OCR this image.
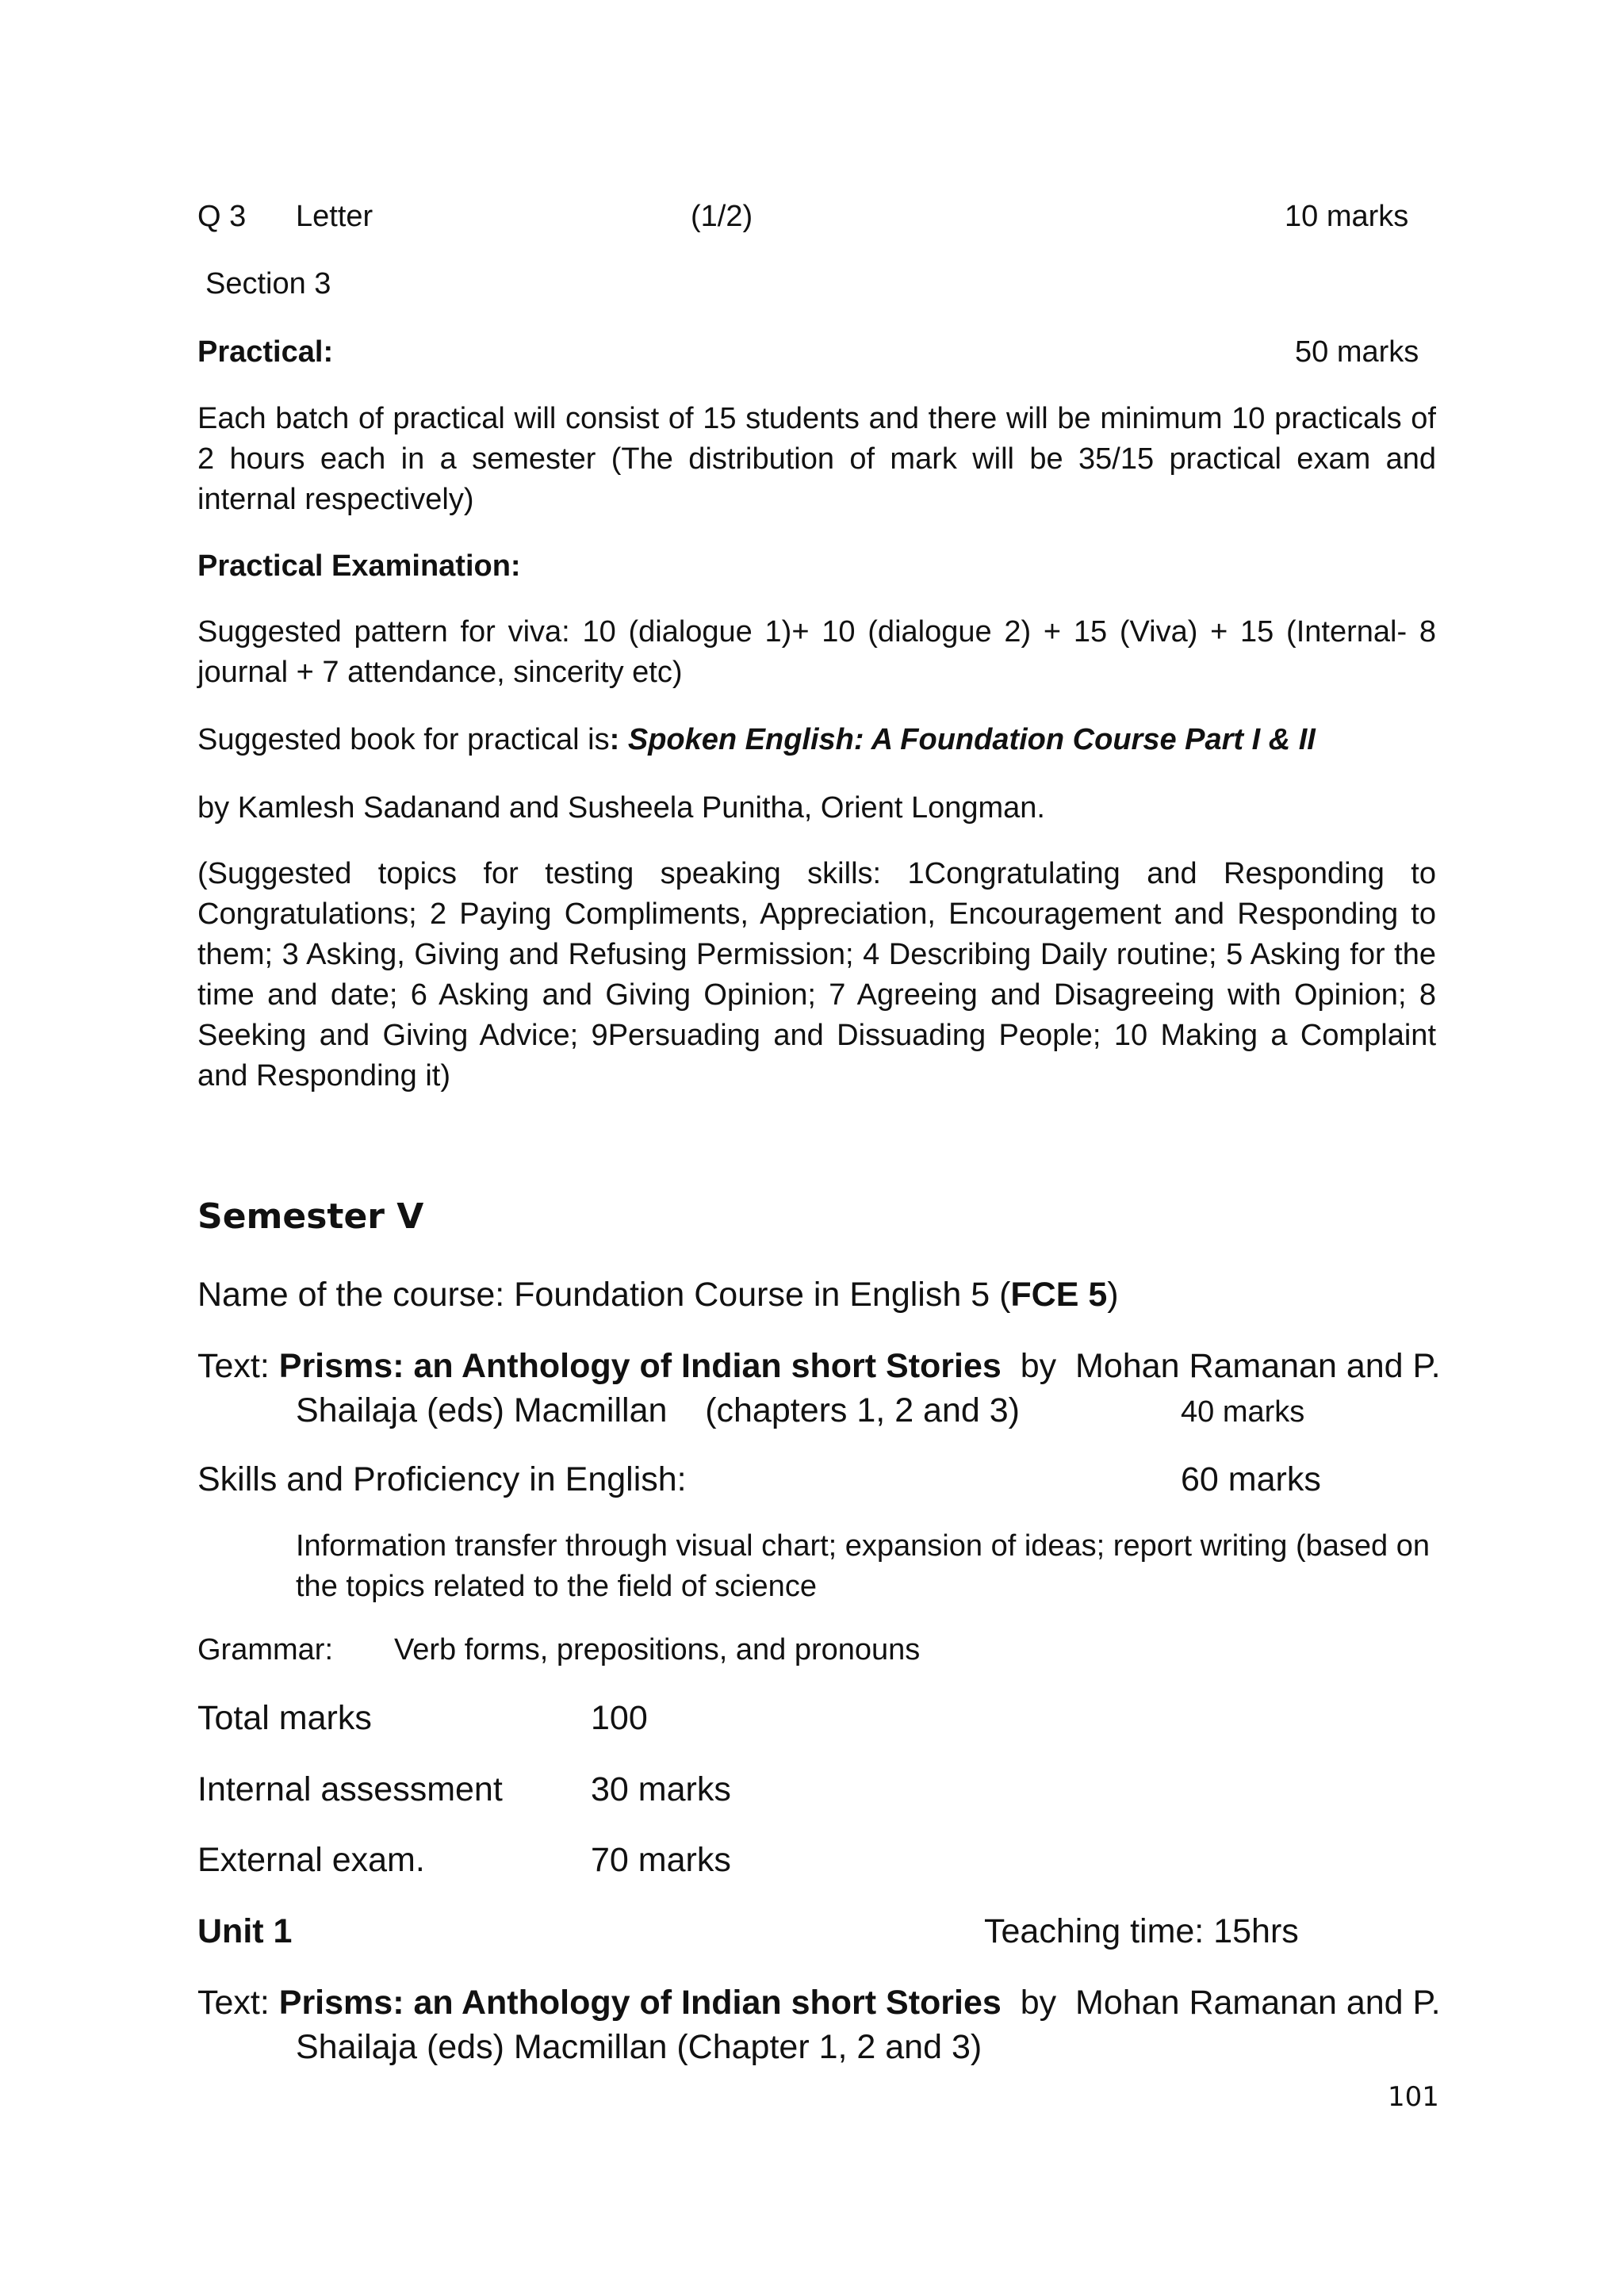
Q 3 Letter	(1/2)	10 marks
Section 3
Practical:	50 marks

Each batch of practical will consist of 15 students and there will be minimum 10 practicals of 2 hours each in a semester (The distribution of mark will be 35/15 practical exam and internal respectively)

Practical Examination:

Suggested pattern for viva: 10 (dialogue 1)+ 10 (dialogue 2) + 15 (Viva) + 15 (Internal- 8 journal + 7 attendance, sincerity etc)

Suggested book for practical is: Spoken English: A Foundation Course Part I & II
by Kamlesh Sadanand and Susheela Punitha, Orient Longman.

(Suggested topics for testing speaking skills: 1Congratulating and Responding to Congratulations; 2 Paying Compliments, Appreciation, Encouragement and Responding to them; 3 Asking, Giving and Refusing Permission; 4 Describing Daily routine; 5 Asking for the time and date; 6 Asking and Giving Opinion; 7 Agreeing and Disagreeing with Opinion; 8 Seeking and Giving Advice; 9Persuading and Dissuading People; 10 Making a Complaint and Responding it)

Semester V
Name of the course: Foundation Course in English 5 (FCE 5)
Text: Prisms: an Anthology of Indian short Stories  by  Mohan Ramanan and P.
Shailaja (eds) Macmillan    (chapters 1, 2 and 3)	40 marks
Skills and Proficiency in English:	60 marks

Information transfer through visual chart; expansion of ideas; report writing (based on the topics related to the field of science

Grammar: Verb forms, prepositions, and pronouns
Total marks	100
Internal assessment	30 marks
External exam.	70 marks
Unit 1	Teaching time: 15hrs
Text: Prisms: an Anthology of Indian short Stories  by  Mohan Ramanan and P.
Shailaja (eds) Macmillan (Chapter 1, 2 and 3)
101
